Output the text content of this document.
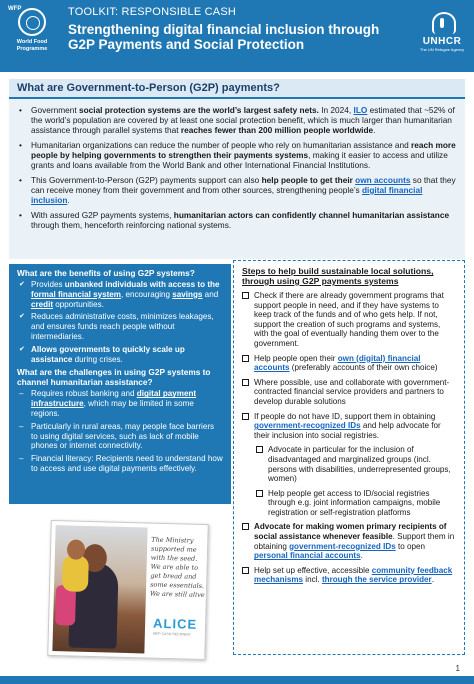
WFP
World Food Programme
TOOLKIT: RESPONSIBLE CASH
Strengthening digital financial inclusion through G2P Payments and Social Protection	UNHCR
The UN Refugee Agency
What are Government-to-Person (G2P) payments?
• Government social protection systems are the world’s largest safety nets. In 2024, ILO estimated that ~52% of the world’s population are covered by at least one social protection benefit, which is much larger than humanitarian assistance through parallel systems that reaches fewer than 200 million people worldwide.
• Humanitarian organizations can reduce the number of people who rely on humanitarian assistance and reach more people by helping governments to strengthen their payments systems, making it easier to access and utilize grants and loans available from the World Bank and other International Financial Institutions.
• This Government-to-Person (G2P) payments support can also help people to get their own accounts so that they can receive money from their government and from other sources, strengthening people’s digital financial inclusion.
• With assured G2P payments systems, humanitarian actors can confidently channel humanitarian assistance through them, henceforth reinforcing national systems.
What are the benefits of using G2P systems?
✔ Provides unbanked individuals with access to the formal financial system, encouraging savings and credit opportunities.
✔ Reduces administrative costs, minimizes leakages, and ensures funds reach people without intermediaries.
✔ Allows governments to quickly scale up assistance during crises.
What are the challenges in using G2P systems to channel humanitarian assistance?
– Requires robust banking and digital payment infrastructure, which may be limited in some regions.
– Particularly in rural areas, may people face barriers to using digital services, such as lack of mobile phones or internet connectivity.
– Financial literacy: Recipients need to understand how to access and use digital payments effectively.
The Ministry supported me with the seed. We are able to get bread and some essentials. We are still alive
ALICE
WFP CASH RECIPIENT
Steps to help build sustainable local solutions, through using G2P payments systems
Check if there are already government programs that support people in need, and if they have systems to keep track of the funds and of who gets help. If not, support the creation of such programs and systems, with the goal of eventually handing them over to the government.
Help people open their own (digital) financial accounts (preferably accounts of their own choice)
Where possible, use and collaborate with government-contracted financial service providers and partners to develop durable solutions
If people do not have ID, support them in obtaining government-recognized IDs and help advocate for their inclusion into social registries.
Advocate in particular for the inclusion of disadvantaged and marginalized groups (incl. persons with disabilities, underrepresented groups, women)
Help people get access to ID/social registries through e.g. joint information campaigns, mobile registration or self-registration platforms
Advocate for making women primary recipients of social assistance whenever feasible. Support them in obtaining government-recognized IDs to open personal financial accounts.
Help set up effective, accessible community feedback mechanisms incl. through the service provider.
1
